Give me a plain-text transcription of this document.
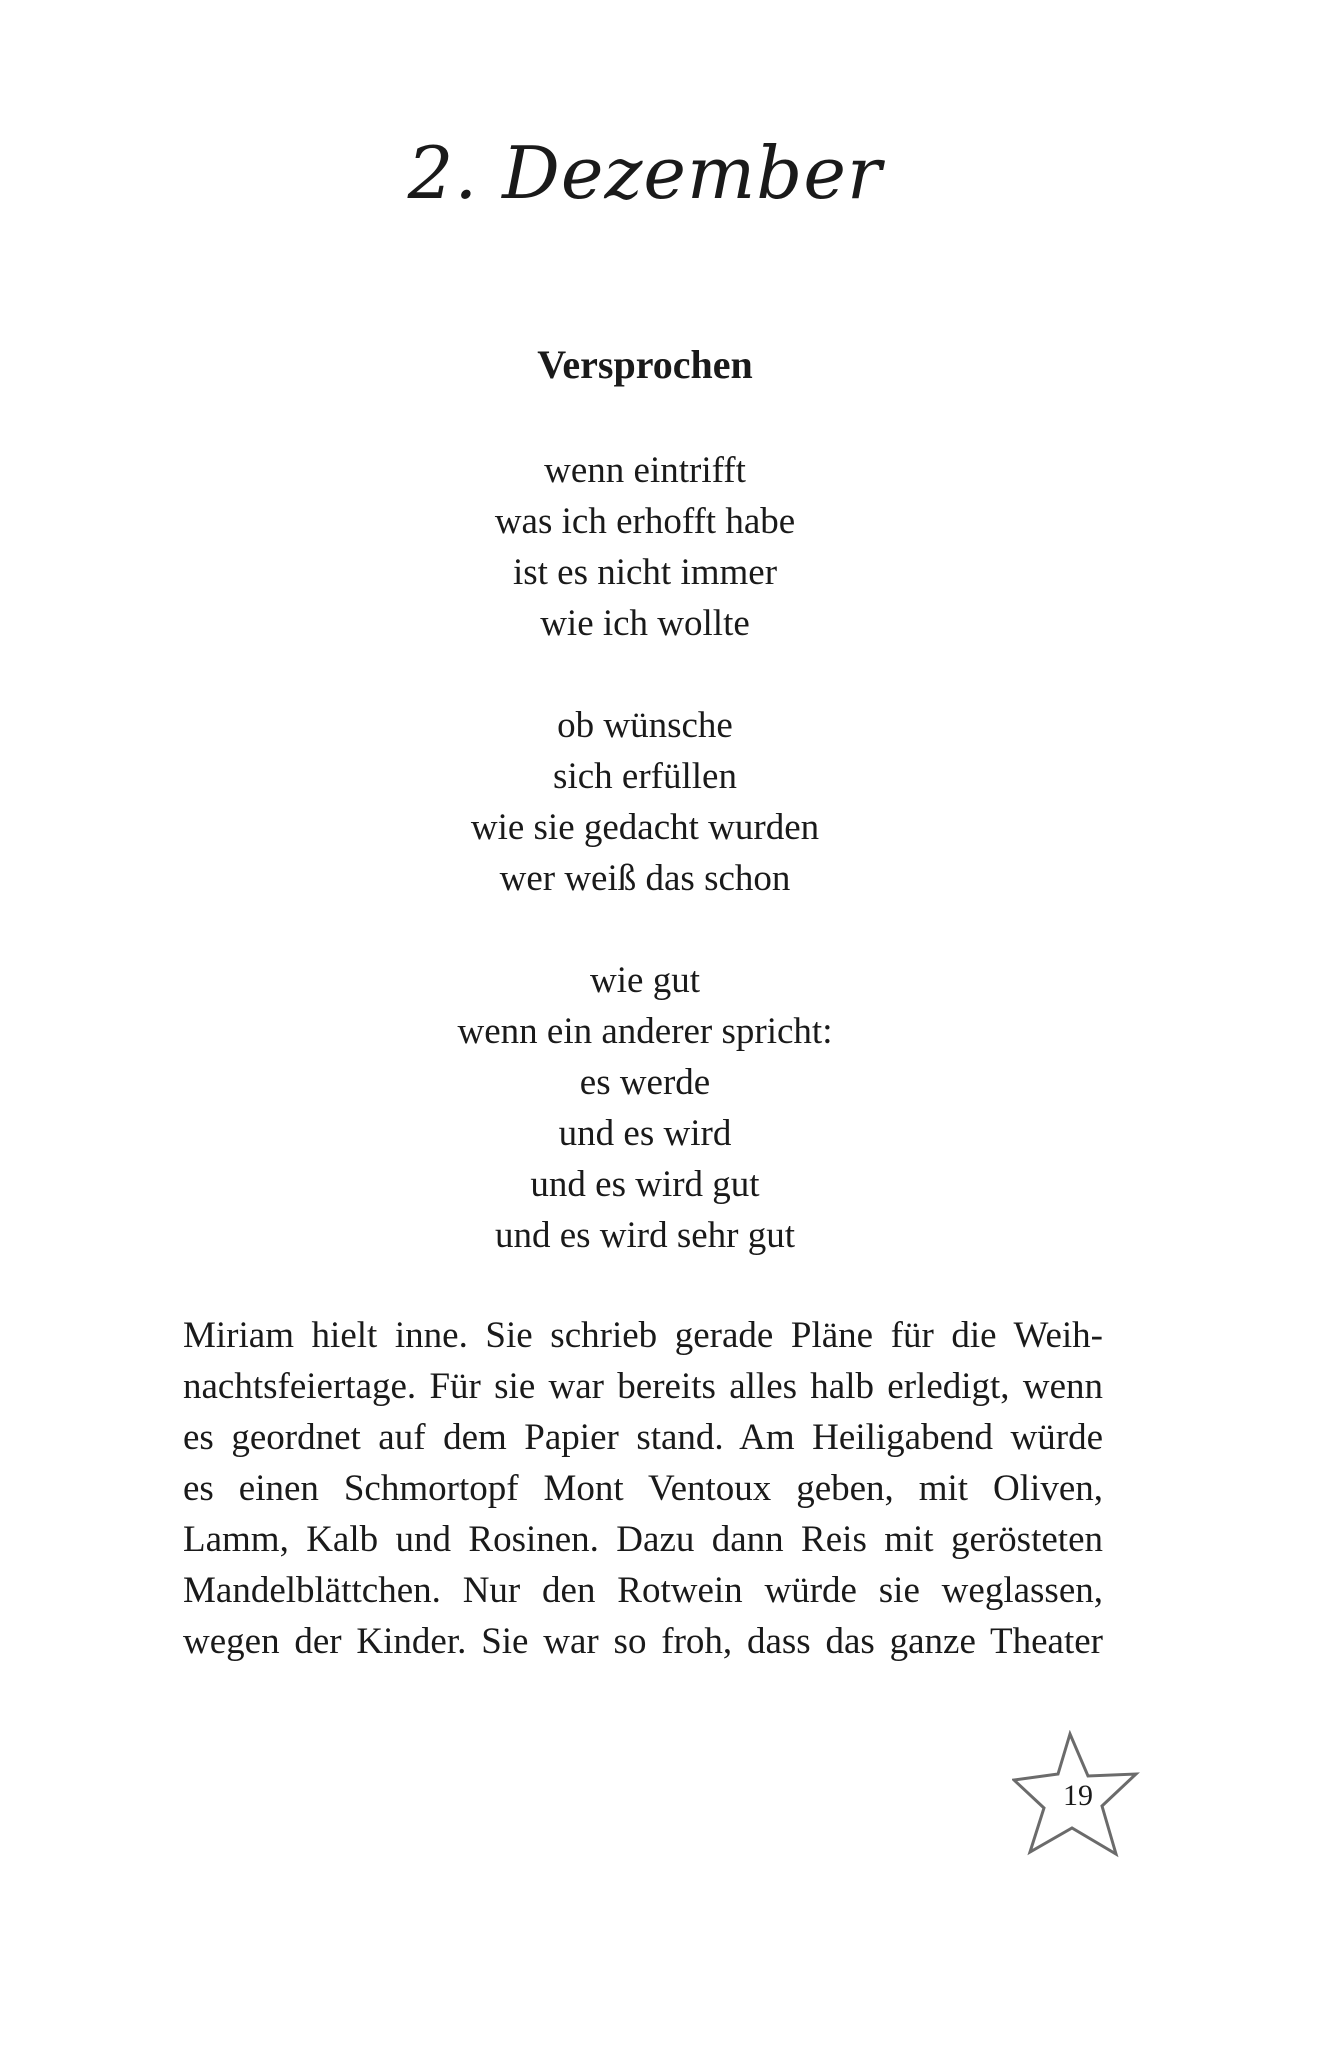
2. Dezember
Versprochen
wenn eintrifft
was ich erhofft habe
ist es nicht immer
wie ich wollte
ob wünsche
sich erfüllen
wie sie gedacht wurden
wer weiß das schon
wie gut
wenn ein anderer spricht:
es werde
und es wird
und es wird gut
und es wird sehr gut
Miriam hielt inne. Sie schrieb gerade Pläne für die Weih-
nachtsfeiertage. Für sie war bereits alles halb erledigt, wenn
es geordnet auf dem Papier stand. Am Heiligabend würde
es einen Schmortopf Mont Ventoux geben, mit Oliven,
Lamm, Kalb und Rosinen. Dazu dann Reis mit gerösteten
Mandelblättchen. Nur den Rotwein würde sie weglassen,
wegen der Kinder. Sie war so froh, dass das ganze Theater
19
